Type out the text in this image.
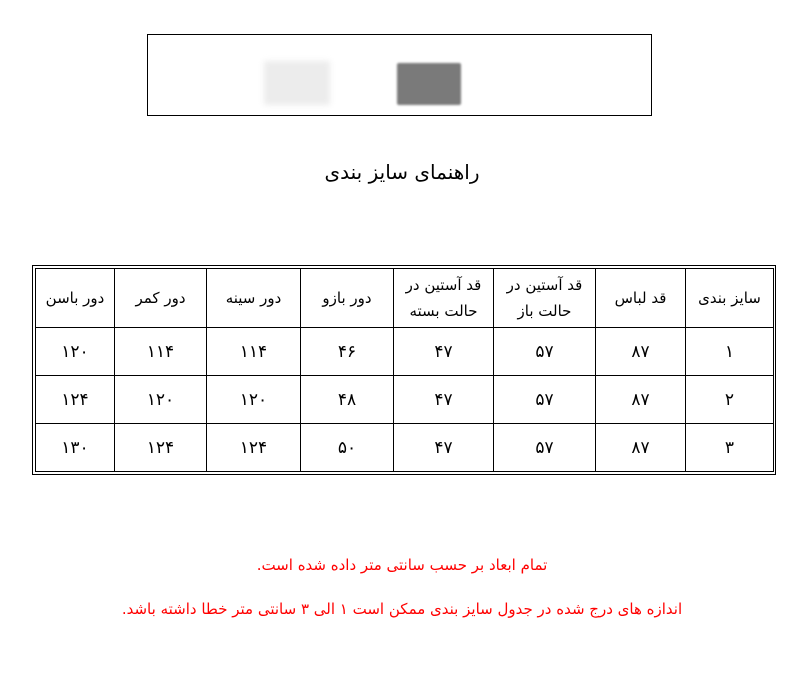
راهنمای سایز بندی
سایز بندی	قد لباس	قد آستین در حالت باز	قد آستین در حالت بسته	دور بازو	دور سینه	دور کمر	دور باسن
۱	۸۷	۵۷	۴۷	۴۶	۱۱۴	۱۱۴	۱۲۰
۲	۸۷	۵۷	۴۷	۴۸	۱۲۰	۱۲۰	۱۲۴
۳	۸۷	۵۷	۴۷	۵۰	۱۲۴	۱۲۴	۱۳۰
تمام ابعاد بر حسب سانتی متر داده شده است.
اندازه های درج شده در جدول سایز بندی ممکن است ۱ الی ۳ سانتی متر خطا داشته باشد.
